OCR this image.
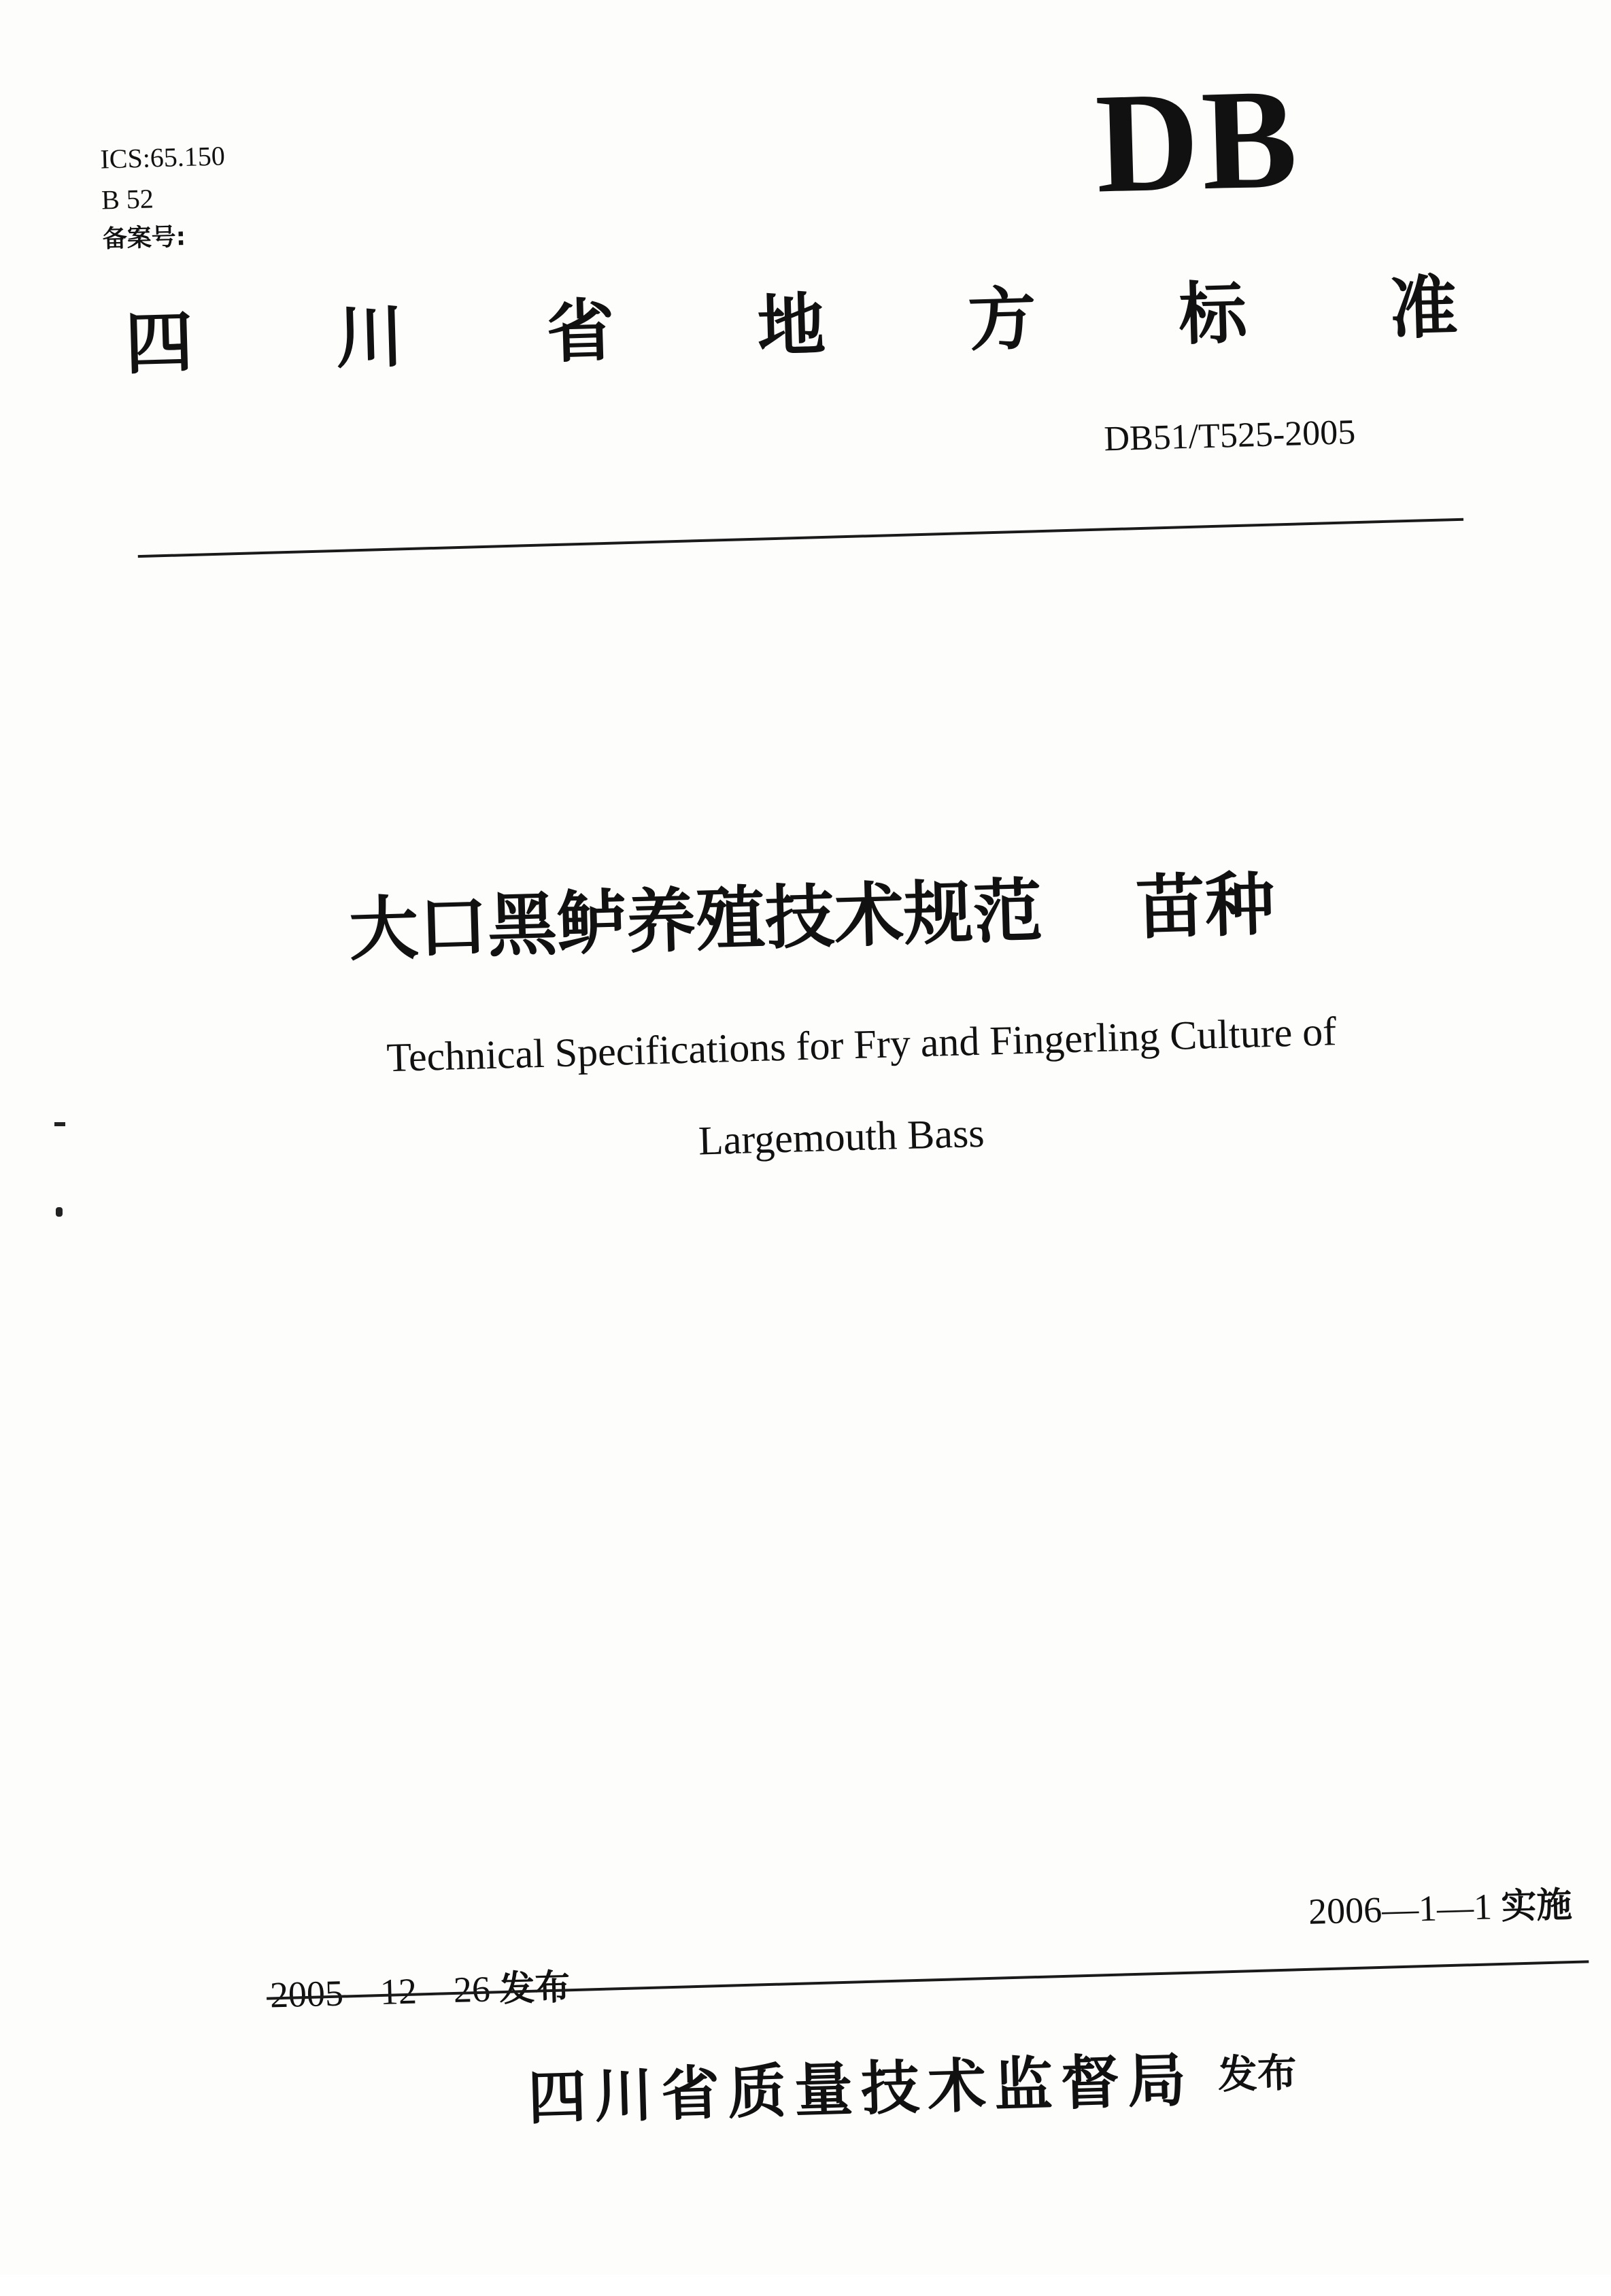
ICS:65.150
B 52
备案号:
DB
四 川 省 地 方 标 准
DB51/T525-2005
大口黑鲈养殖技术规范　 苗种
Technical Specifications for Fry and Fingerling Culture of
Largemouth Bass
2006—1—1 实施
2005—12—26 发布
四川省质量技术监督局 发布
